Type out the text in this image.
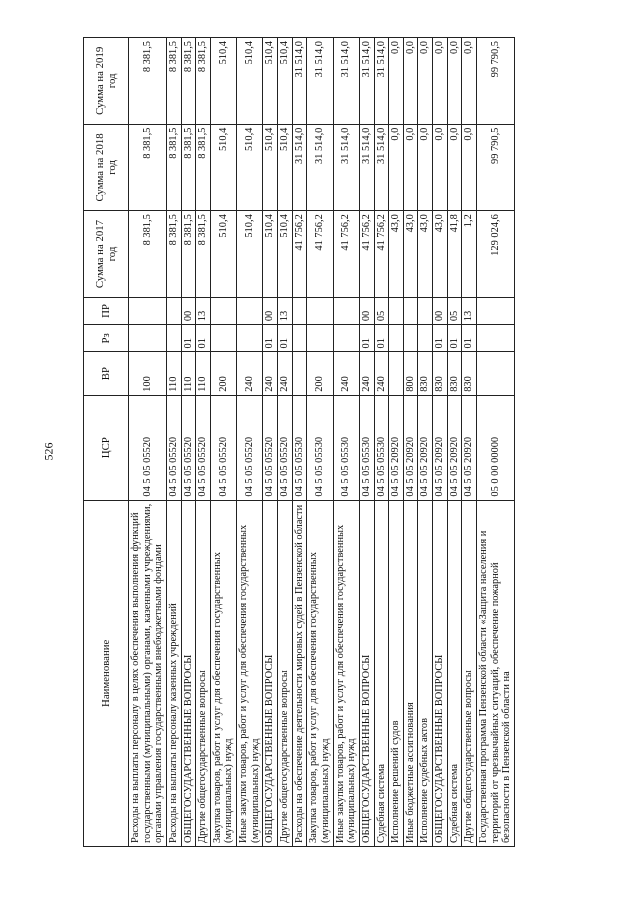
526
Наименование	ЦСР	ВР	Рз	ПР	Сумма на 2017 год	Сумма на 2018 год	Сумма на 2019 год
Расходы на выплаты персоналу в целях обеспечения выполнения функций государственными (муниципальными) органами, казенными учреждениями, органами управления государственными внебюджетными фондами	04 5 05 05520	100			8 381,5	8 381,5	8 381,5
Расходы на выплаты персоналу казенных учреждений	04 5 05 05520	110			8 381,5	8 381,5	8 381,5
ОБЩЕГОСУДАРСТВЕННЫЕ ВОПРОСЫ	04 5 05 05520	110	01	00	8 381,5	8 381,5	8 381,5
Другие общегосударственные вопросы	04 5 05 05520	110	01	13	8 381,5	8 381,5	8 381,5
Закупка товаров, работ и услуг для обеспечения государственных (муниципальных) нужд	04 5 05 05520	200			510,4	510,4	510,4
Иные закупки товаров, работ и услуг для обеспечения государственных (муниципальных) нужд	04 5 05 05520	240			510,4	510,4	510,4
ОБЩЕГОСУДАРСТВЕННЫЕ ВОПРОСЫ	04 5 05 05520	240	01	00	510,4	510,4	510,4
Другие общегосударственные вопросы	04 5 05 05520	240	01	13	510,4	510,4	510,4
Расходы на обеспечение деятельности мировых судей в Пензенской области	04 5 05 05530				41 756,2	31 514,0	31 514,0
Закупка товаров, работ и услуг для обеспечения государственных (муниципальных) нужд	04 5 05 05530	200			41 756,2	31 514,0	31 514,0
Иные закупки товаров, работ и услуг для обеспечения государственных (муниципальных) нужд	04 5 05 05530	240			41 756,2	31 514,0	31 514,0
ОБЩЕГОСУДАРСТВЕННЫЕ ВОПРОСЫ	04 5 05 05530	240	01	00	41 756,2	31 514,0	31 514,0
Судебная система	04 5 05 05530	240	01	05	41 756,2	31 514,0	31 514,0
Исполнение решений судов	04 5 05 20920				43,0	0,0	0,0
Иные бюджетные ассигнования	04 5 05 20920	800			43,0	0,0	0,0
Исполнение судебных актов	04 5 05 20920	830			43,0	0,0	0,0
ОБЩЕГОСУДАРСТВЕННЫЕ ВОПРОСЫ	04 5 05 20920	830	01	00	43,0	0,0	0,0
Судебная система	04 5 05 20920	830	01	05	41,8	0,0	0,0
Другие общегосударственные вопросы	04 5 05 20920	830	01	13	1,2	0,0	0,0
Государственная программа Пензенской области «Защита населения и территорий от чрезвычайных ситуаций, обеспечение пожарной безопасности в Пензенской области на	05 0 00 00000				129 024,6	99 790,5	99 790,5
